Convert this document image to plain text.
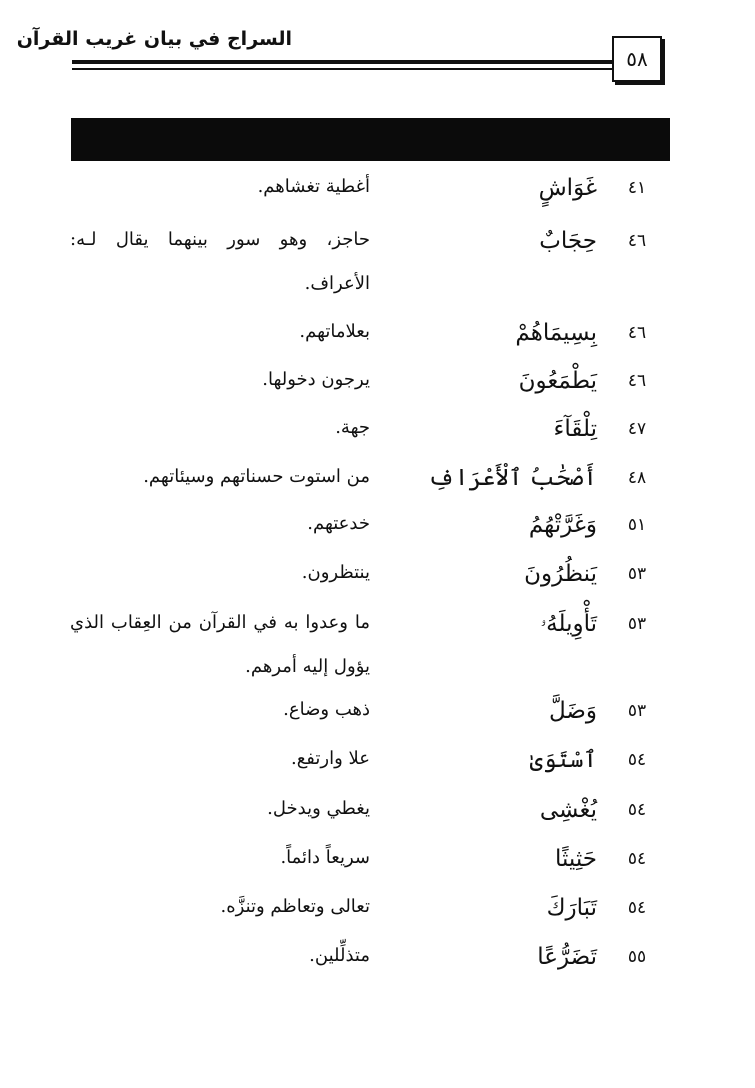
السراج في بيان غريب القرآن
٥٨
٤١
غَوَاشٍ
أغطية تغشاهم.
٤٦
حِجَابٌ
حاجز، وهو سور بينهما يقال لـه: الأعراف.
٤٦
بِسِيمَاهُمْ
بعلاماتهم.
٤٦
يَطْمَعُونَ
يرجون دخولها.
٤٧
تِلْقَآءَ
جهة.
٤٨
أَصْحَٰبُ ٱلْأَعْرَافِ
من استوت حسناتهم وسيئاتهم.
٥١
وَغَرَّتْهُمُ
خدعتهم.
٥٣
يَنظُرُونَ
ينتظرون.
٥٣
تَأْوِيلَهُۥ
ما وعدوا به في القرآن من العِقاب الذي يؤول إليه أمرهم.
٥٣
وَضَلَّ
ذهب وضاع.
٥٤
ٱسْتَوَىٰ
علا وارتفع.
٥٤
يُغْشِى
يغطي ويدخل.
٥٤
حَثِيثًا
سريعاً دائماً.
٥٤
تَبَارَكَ
تعالى وتعاظم وتنزَّه.
٥٥
تَضَرُّعًا
متذلِّلين.
